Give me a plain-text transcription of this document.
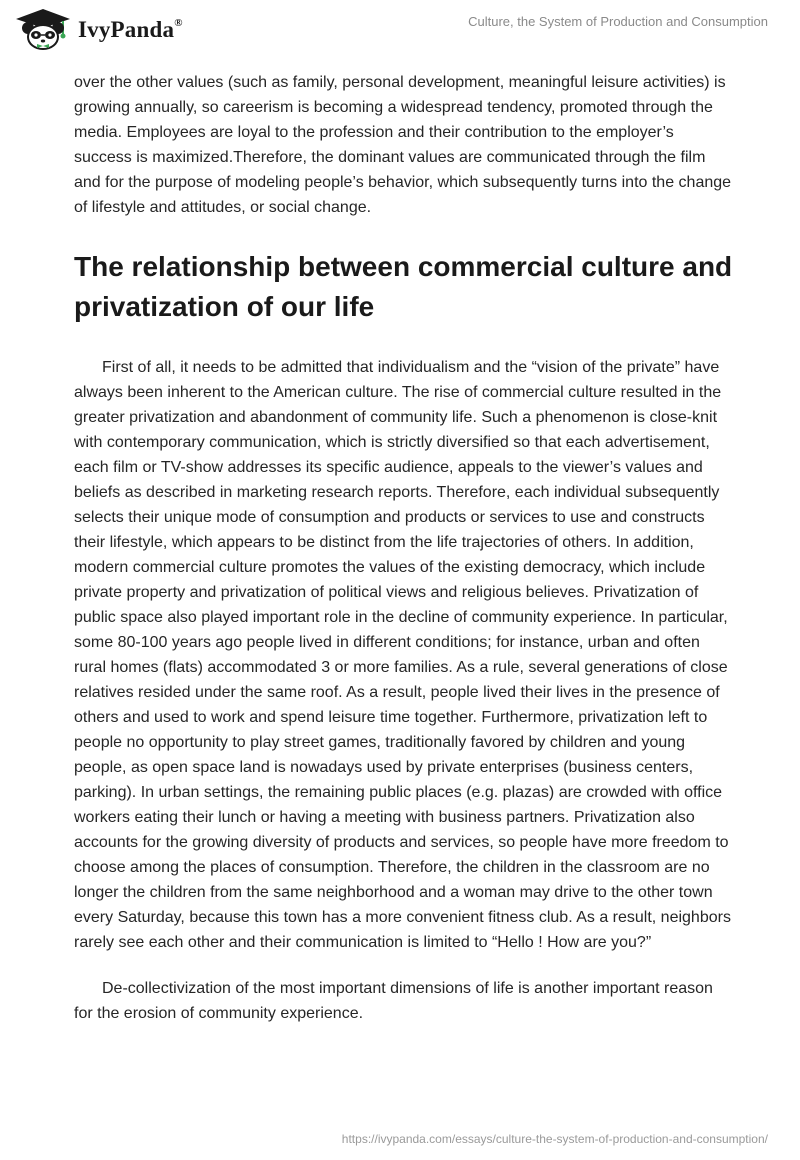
IvyPanda®	Culture, the System of Production and Consumption

over the other values (such as family, personal development, meaningful leisure activities) is growing annually, so careerism is becoming a widespread tendency, promoted through the media. Employees are loyal to the profession and their contribution to the employer’s success is maximized.Therefore, the dominant values are communicated through the film and for the purpose of modeling people’s behavior, which subsequently turns into the change of lifestyle and attitudes, or social change.

The relationship between commercial culture and privatization of our life

First of all, it needs to be admitted that individualism and the “vision of the private” have always been inherent to the American culture. The rise of commercial culture resulted in the greater privatization and abandonment of community life. Such a phenomenon is close-knit with contemporary communication, which is strictly diversified so that each advertisement, each film or TV-show addresses its specific audience, appeals to the viewer’s values and beliefs as described in marketing research reports. Therefore, each individual subsequently selects their unique mode of consumption and products or services to use and constructs their lifestyle, which appears to be distinct from the life trajectories of others. In addition, modern commercial culture promotes the values of the existing democracy, which include private property and privatization of political views and religious believes. Privatization of public space also played important role in the decline of community experience. In particular, some 80-100 years ago people lived in different conditions; for instance, urban and often rural homes (flats) accommodated 3 or more families. As a rule, several generations of close relatives resided under the same roof. As a result, people lived their lives in the presence of others and used to work and spend leisure time together. Furthermore, privatization left to people no opportunity to play street games, traditionally favored by children and young people, as open space land is nowadays used by private enterprises (business centers, parking). In urban settings, the remaining public places (e.g. plazas) are crowded with office workers eating their lunch or having a meeting with business partners. Privatization also accounts for the growing diversity of products and services, so people have more freedom to choose among the places of consumption. Therefore, the children in the classroom are no longer the children from the same neighborhood and a woman may drive to the other town every Saturday, because this town has a more convenient fitness club. As a result, neighbors rarely see each other and their communication is limited to “Hello ! How are you?”

De-collectivization of the most important dimensions of life is another important reason for the erosion of community experience.

https://ivypanda.com/essays/culture-the-system-of-production-and-consumption/
